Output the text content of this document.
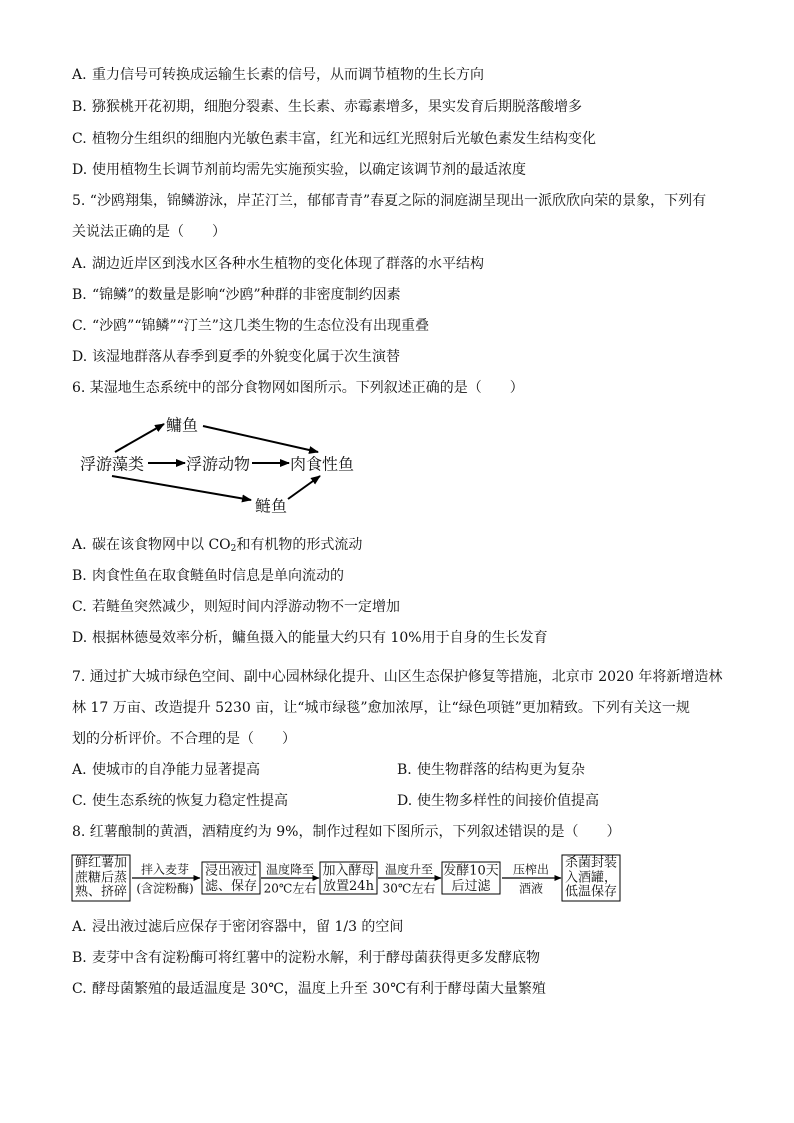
A. 重力信号可转换成运输生长素的信号，从而调节植物的生长方向
B. 猕猴桃开花初期，细胞分裂素、生长素、赤霉素增多，果实发育后期脱落酸增多
C. 植物分生组织的细胞内光敏色素丰富，红光和远红光照射后光敏色素发生结构变化
D. 使用植物生长调节剂前均需先实施预实验，以确定该调节剂的最适浓度
5. “沙鸥翔集，锦鳞游泳，岸芷汀兰，郁郁青青”春夏之际的洞庭湖呈现出一派欣欣向荣的景象，下列有
关说法正确的是（　　）
A. 湖边近岸区到浅水区各种水生植物的变化体现了群落的水平结构
B. “锦鳞”的数量是影响“沙鸥”种群的非密度制约因素
C. “沙鸥”“锦鳞”“汀兰”这几类生物的生态位没有出现重叠
D. 该湿地群落从春季到夏季的外貌变化属于次生演替
6. 某湿地生态系统中的部分食物网如图所示。下列叙述正确的是（　　）
浮游藻类	浮游动物 肉食性鱼
鳙鱼
鲢鱼
A. 碳在该食物网中以 $CO_2$和有机物的形式流动
B. 肉食性鱼在取食鲢鱼时信息是单向流动的
C. 若鲢鱼突然减少，则短时间内浮游动物不一定增加
D. 根据林德曼效率分析，鳙鱼摄入的能量大约只有 10%用于自身的生长发育
7. 通过扩大城市绿色空间、副中心园林绿化提升、山区生态保护修复等措施，北京市 2020 年将新增造林
林 17 万亩、改造提升 5230 亩，让“城市绿毯”愈加浓厚，让“绿色项链”更加精致。下列有关这一规
划的分析评价。不合理的是（　　）
A. 使城市的自净能力显著提高	B. 使生物群落的结构更为复杂
C. 使生态系统的恢复力稳定性提高	D. 使生物多样性的间接价值提高
8. 红薯酿制的黄酒，酒精度约为 9%，制作过程如下图所示，下列叙述错误的是（　　）
鲜红薯加
蔗糖后蒸
熟、挤碎
拌入麦芽
(含淀粉酶)
浸出液过
滤、保存
温度降至
20℃左右
加入酵母
放置24h
温度升至
30℃左右
发酵10天
后过滤
压榨出
酒液
杀菌封装
入酒罐，
低温保存
A. 浸出液过滤后应保存于密闭容器中，留 1/3 的空间
B. 麦芽中含有淀粉酶可将红薯中的淀粉水解，利于酵母菌获得更多发酵底物
C. 酵母菌繁殖的最适温度是 30℃，温度上升至 30℃有利于酵母菌大量繁殖
